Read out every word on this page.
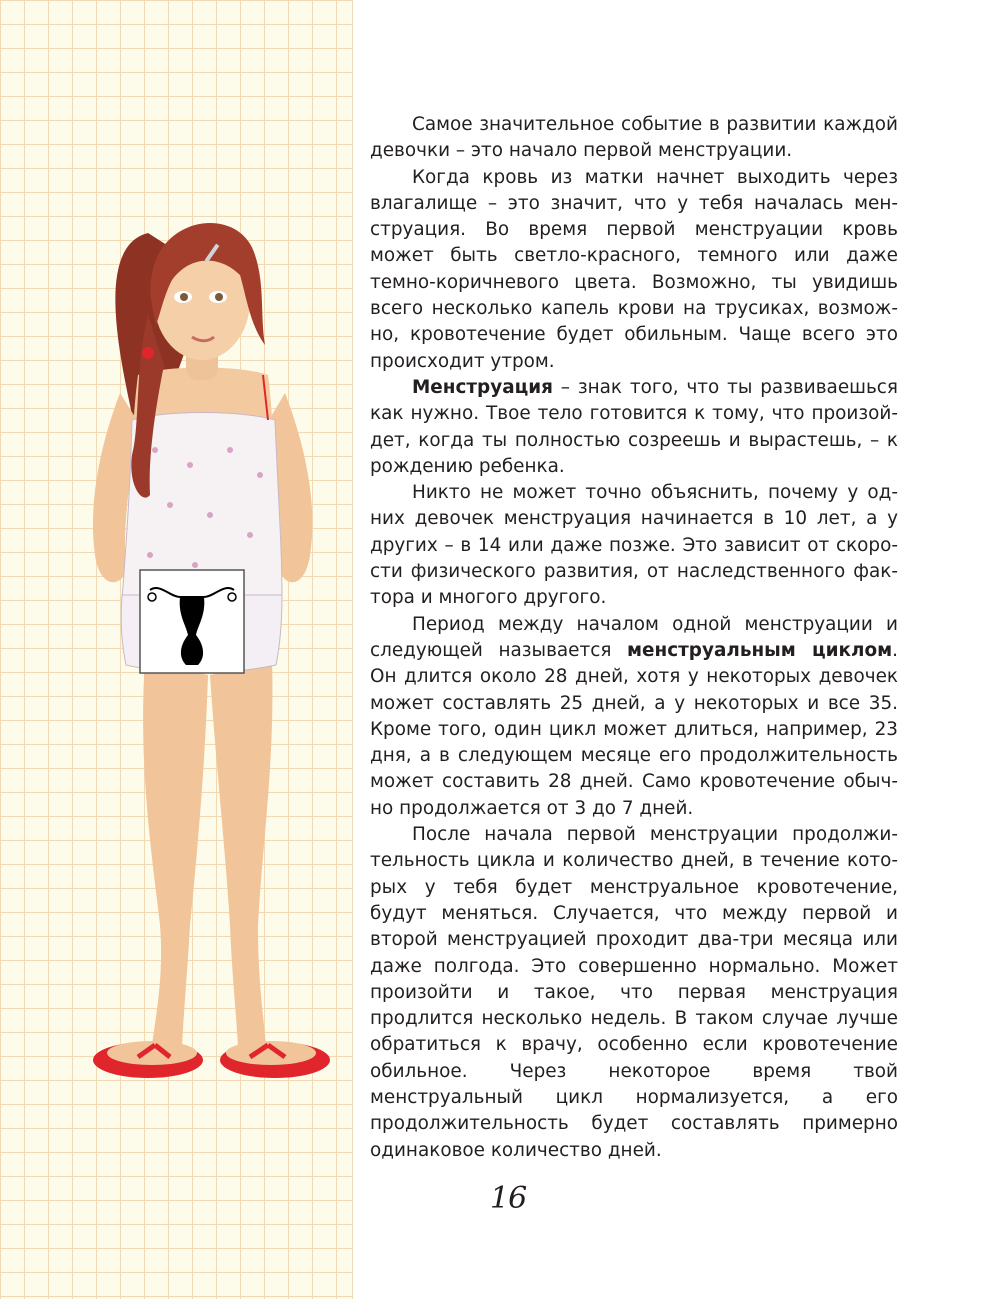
Самое значительное событие в развитии каждой девочки – это начало первой менструации.

Когда кровь из матки начнет выходить через влагалище – это значит, что у тебя началась менструация. Во время первой менструации кровь может быть светло-красного, темного или даже темно-коричневого цвета. Возможно, ты увидишь всего несколько капель крови на трусиках, возможно, кровотечение будет обильным. Чаще всего это происходит утром.

Менструация – знак того, что ты развиваешься как нужно. Твое тело готовится к тому, что произойдет, когда ты полностью созреешь и вырастешь, – к рождению ребенка.

Никто не может точно объяснить, почему у одних девочек менструация начинается в 10 лет, а у других – в 14 или даже позже. Это зависит от скорости физического развития, от наследственного фактора и многого другого.

Период между началом одной менструации и следующей называется менструальным циклом. Он длится около 28 дней, хотя у некоторых девочек может составлять 25 дней, а у некоторых и все 35. Кроме того, один цикл может длиться, например, 23 дня, а в следующем месяце его продолжительность может составить 28 дней. Само кровотечение обычно продолжается от 3 до 7 дней.

После начала первой менструации продолжительность цикла и количество дней, в течение которых у тебя будет менструальное кровотечение, будут меняться. Случается, что между первой и второй менструацией проходит два-три месяца или даже полгода. Это совершенно нормально. Может произойти и такое, что первая менструация продлится несколько недель. В таком случае лучше обратиться к врачу, особенно если кровотечение обильное. Через некоторое время твой менструальный цикл нормализуется, а его продолжительность будет составлять примерно одинаковое количество дней.

16
